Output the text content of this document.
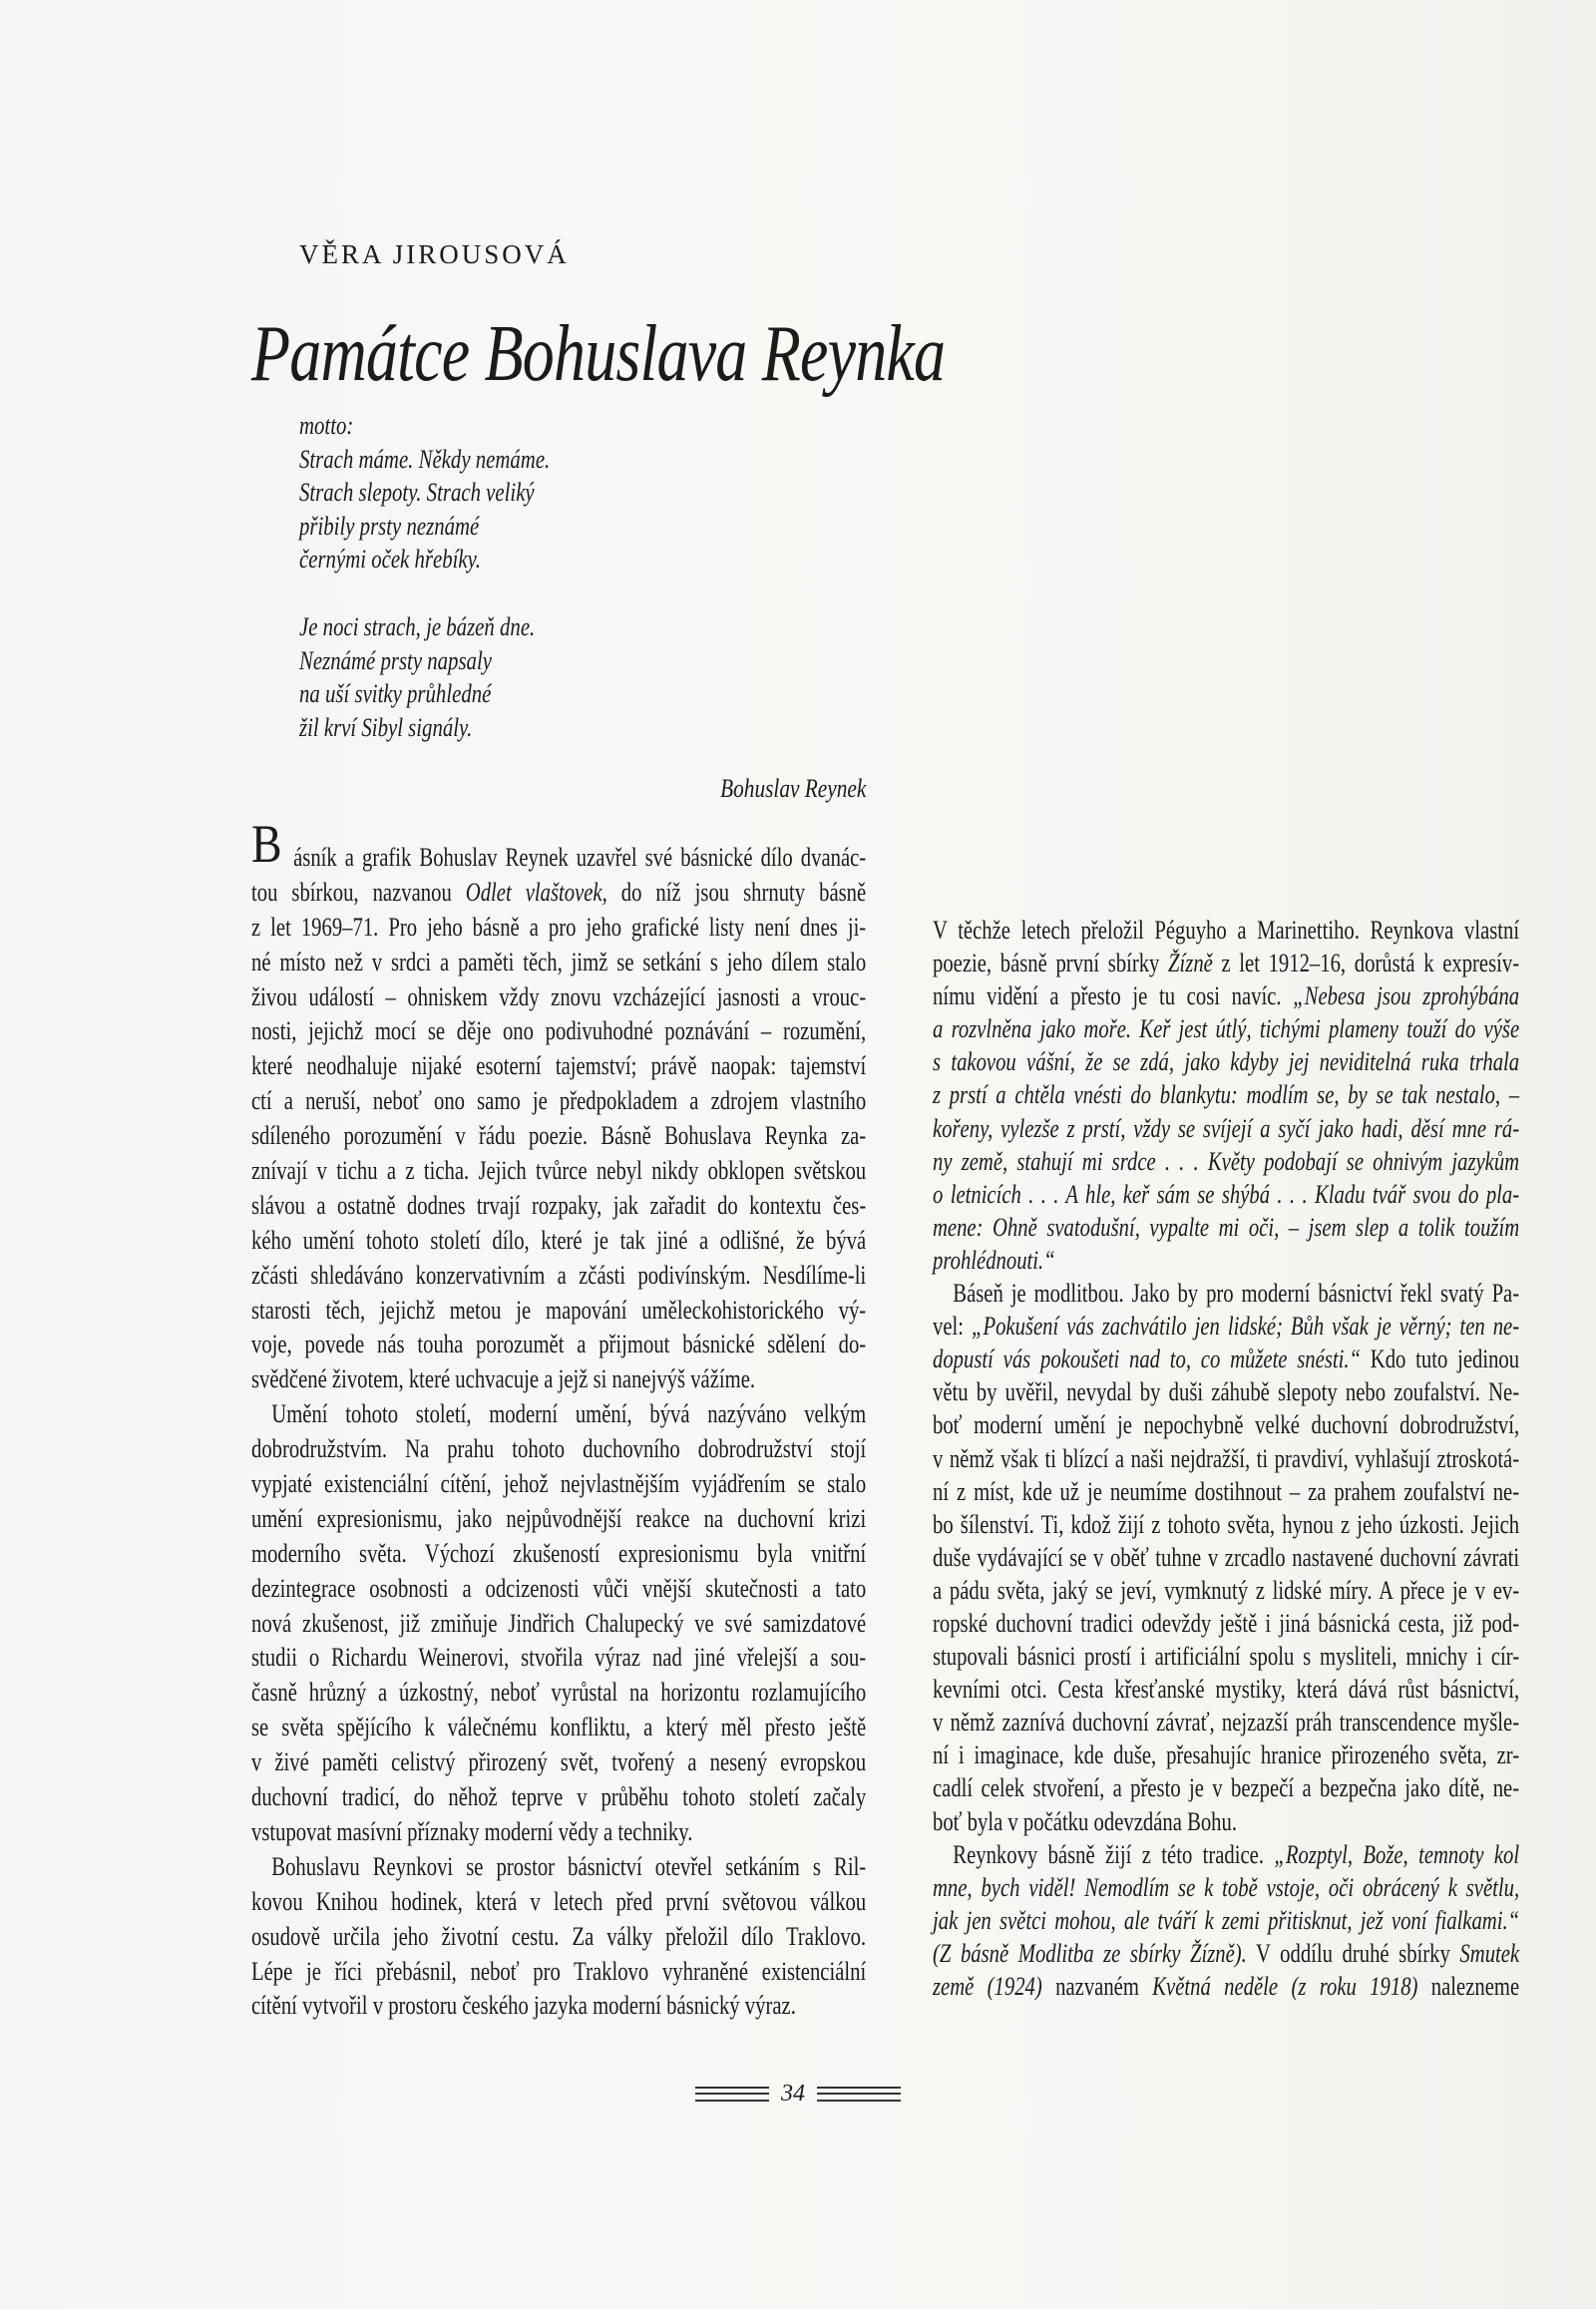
VĚRA JIROUSOVÁ
Památce Bohuslava Reynka
motto:
Strach máme. Někdy nemáme.
Strach slepoty. Strach veliký
přibily prsty neznámé
černými oček hřebíky.
Je noci strach, je bázeň dne.
Neznámé prsty napsaly
na uší svitky průhledné
žil krví Sibyl signály.
Bohuslav Reynek
B ásník a grafik Bohuslav Reynek uzavřel své básnické dílo dvanác-
tou sbírkou, nazvanou Odlet vlaštovek, do níž jsou shrnuty básně
z let 1969–71. Pro jeho básně a pro jeho grafické listy není dnes ji-
né místo než v srdci a paměti těch, jimž se setkání s jeho dílem stalo
živou událostí – ohniskem vždy znovu vzcházející jasnosti a vrouc-
nosti, jejichž mocí se děje ono podivuhodné poznávání – rozumění,
které neodhaluje nijaké esoterní tajemství; právě naopak: tajemství
ctí a neruší, neboť ono samo je předpokladem a zdrojem vlastního
sdíleného porozumění v řádu poezie. Básně Bohuslava Reynka za-
znívají v tichu a z ticha. Jejich tvůrce nebyl nikdy obklopen světskou
slávou a ostatně dodnes trvají rozpaky, jak zařadit do kontextu čes-
kého umění tohoto století dílo, které je tak jiné a odlišné, že bývá
zčásti shledáváno konzervativním a zčásti podivínským. Nesdílíme-li
starosti těch, jejichž metou je mapování uměleckohistorického vý-
voje, povede nás touha porozumět a přijmout básnické sdělení do-
svědčené životem, které uchvacuje a jejž si nanejvýš vážíme.
Umění tohoto století, moderní umění, bývá nazýváno velkým
dobrodružstvím. Na prahu tohoto duchovního dobrodružství stojí
vypjaté existenciální cítění, jehož nejvlastnějším vyjádřením se stalo
umění expresionismu, jako nejpůvodnější reakce na duchovní krizi
moderního světa. Výchozí zkušeností expresionismu byla vnitřní
dezintegrace osobnosti a odcizenosti vůči vnější skutečnosti a tato
nová zkušenost, již zmiňuje Jindřich Chalupecký ve své samizdatové
studii o Richardu Weinerovi, stvořila výraz nad jiné vřelejší a sou-
časně hrůzný a úzkostný, neboť vyrůstal na horizontu rozlamujícího
se světa spějícího k válečnému konfliktu, a který měl přesto ještě
v živé paměti celistvý přirozený svět, tvořený a nesený evropskou
duchovní tradicí, do něhož teprve v průběhu tohoto století začaly
vstupovat masívní příznaky moderní vědy a techniky.
Bohuslavu Reynkovi se prostor básnictví otevřel setkáním s Ril-
kovou Knihou hodinek, která v letech před první světovou válkou
osudově určila jeho životní cestu. Za války přeložil dílo Traklovo.
Lépe je říci přebásnil, neboť pro Traklovo vyhraněné existenciální
cítění vytvořil v prostoru českého jazyka moderní básnický výraz.
V těchže letech přeložil Péguyho a Marinettiho. Reynkova vlastní
poezie, básně první sbírky Žízně z let 1912–16, dorůstá k expresív-
nímu vidění a přesto je tu cosi navíc. „Nebesa jsou zprohýbána
a rozvlněna jako moře. Keř jest útlý, tichými plameny touží do výše
s takovou vášní, že se zdá, jako kdyby jej neviditelná ruka trhala
z prstí a chtěla vnésti do blankytu: modlím se, by se tak nestalo, –
kořeny, vylezše z prstí, vždy se svíjejí a syčí jako hadi, děsí mne rá-
ny země, stahují mi srdce . . . Květy podobají se ohnivým jazykům
o letnicích . . . A hle, keř sám se shýbá . . . Kladu tvář svou do pla-
mene: Ohně svatodušní, vypalte mi oči, – jsem slep a tolik toužím
prohlédnouti.“
Báseň je modlitbou. Jako by pro moderní básnictví řekl svatý Pa-
vel: „Pokušení vás zachvátilo jen lidské; Bůh však je věrný; ten ne-
dopustí vás pokoušeti nad to, co můžete snésti.“ Kdo tuto jedinou
větu by uvěřil, nevydal by duši záhubě slepoty nebo zoufalství. Ne-
boť moderní umění je nepochybně velké duchovní dobrodružství,
v němž však ti blízcí a naši nejdražší, ti pravdiví, vyhlašují ztroskotá-
ní z míst, kde už je neumíme dostihnout – za prahem zoufalství ne-
bo šílenství. Ti, kdož žijí z tohoto světa, hynou z jeho úzkosti. Jejich
duše vydávající se v oběť tuhne v zrcadlo nastavené duchovní závrati
a pádu světa, jaký se jeví, vymknutý z lidské míry. A přece je v ev-
ropské duchovní tradici odevždy ještě i jiná básnická cesta, již pod-
stupovali básnici prostí i artificiální spolu s mysliteli, mnichy i cír-
kevními otci. Cesta křesťanské mystiky, která dává růst básnictví,
v němž zaznívá duchovní závrať, nejzazší práh transcendence myšle-
ní i imaginace, kde duše, přesahujíc hranice přirozeného světa, zr-
cadlí celek stvoření, a přesto je v bezpečí a bezpečna jako dítě, ne-
boť byla v počátku odevzdána Bohu.
Reynkovy básně žijí z této tradice. „Rozptyl, Bože, temnoty kol
mne, bych viděl! Nemodlím se k tobě vstoje, oči obrácený k světlu,
jak jen světci mohou, ale tváří k zemi přitisknut, jež voní fialkami.“
(Z básně Modlitba ze sbírky Žízně). V oddílu druhé sbírky Smutek
země (1924) nazvaném Květná neděle (z roku 1918) nalezneme
34
